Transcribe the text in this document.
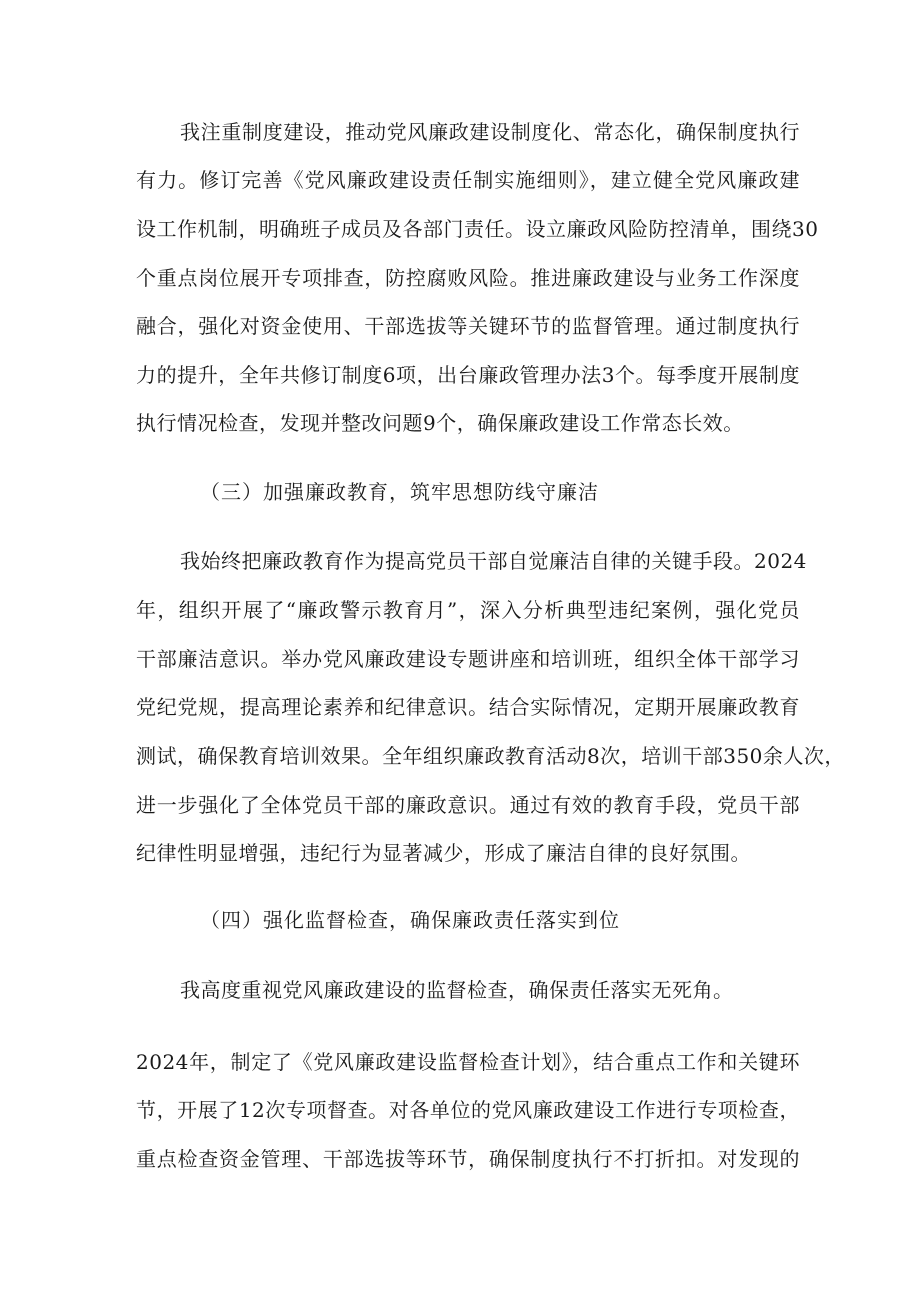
我注重制度建设，推动党风廉政建设制度化、常态化，确保制度执行
有力。修订完善《党风廉政建设责任制实施细则》，建立健全党风廉政建
设工作机制，明确班子成员及各部门责任。设立廉政风险防控清单，围绕30
个重点岗位展开专项排查，防控腐败风险。推进廉政建设与业务工作深度
融合，强化对资金使用、干部选拔等关键环节的监督管理。通过制度执行
力的提升，全年共修订制度6项，出台廉政管理办法3个。每季度开展制度
执行情况检查，发现并整改问题9个，确保廉政建设工作常态长效。
（三）加强廉政教育，筑牢思想防线守廉洁
我始终把廉政教育作为提高党员干部自觉廉洁自律的关键手段。2024
年，组织开展了“廉政警示教育月”，深入分析典型违纪案例，强化党员
干部廉洁意识。举办党风廉政建设专题讲座和培训班，组织全体干部学习
党纪党规，提高理论素养和纪律意识。结合实际情况，定期开展廉政教育
测试，确保教育培训效果。全年组织廉政教育活动8次，培训干部350余人次，
进一步强化了全体党员干部的廉政意识。通过有效的教育手段，党员干部
纪律性明显增强，违纪行为显著减少，形成了廉洁自律的良好氛围。
（四）强化监督检查，确保廉政责任落实到位
我高度重视党风廉政建设的监督检查，确保责任落实无死角。
2024年，制定了《党风廉政建设监督检查计划》，结合重点工作和关键环
节，开展了12次专项督查。对各单位的党风廉政建设工作进行专项检查，
重点检查资金管理、干部选拔等环节，确保制度执行不打折扣。对发现的
